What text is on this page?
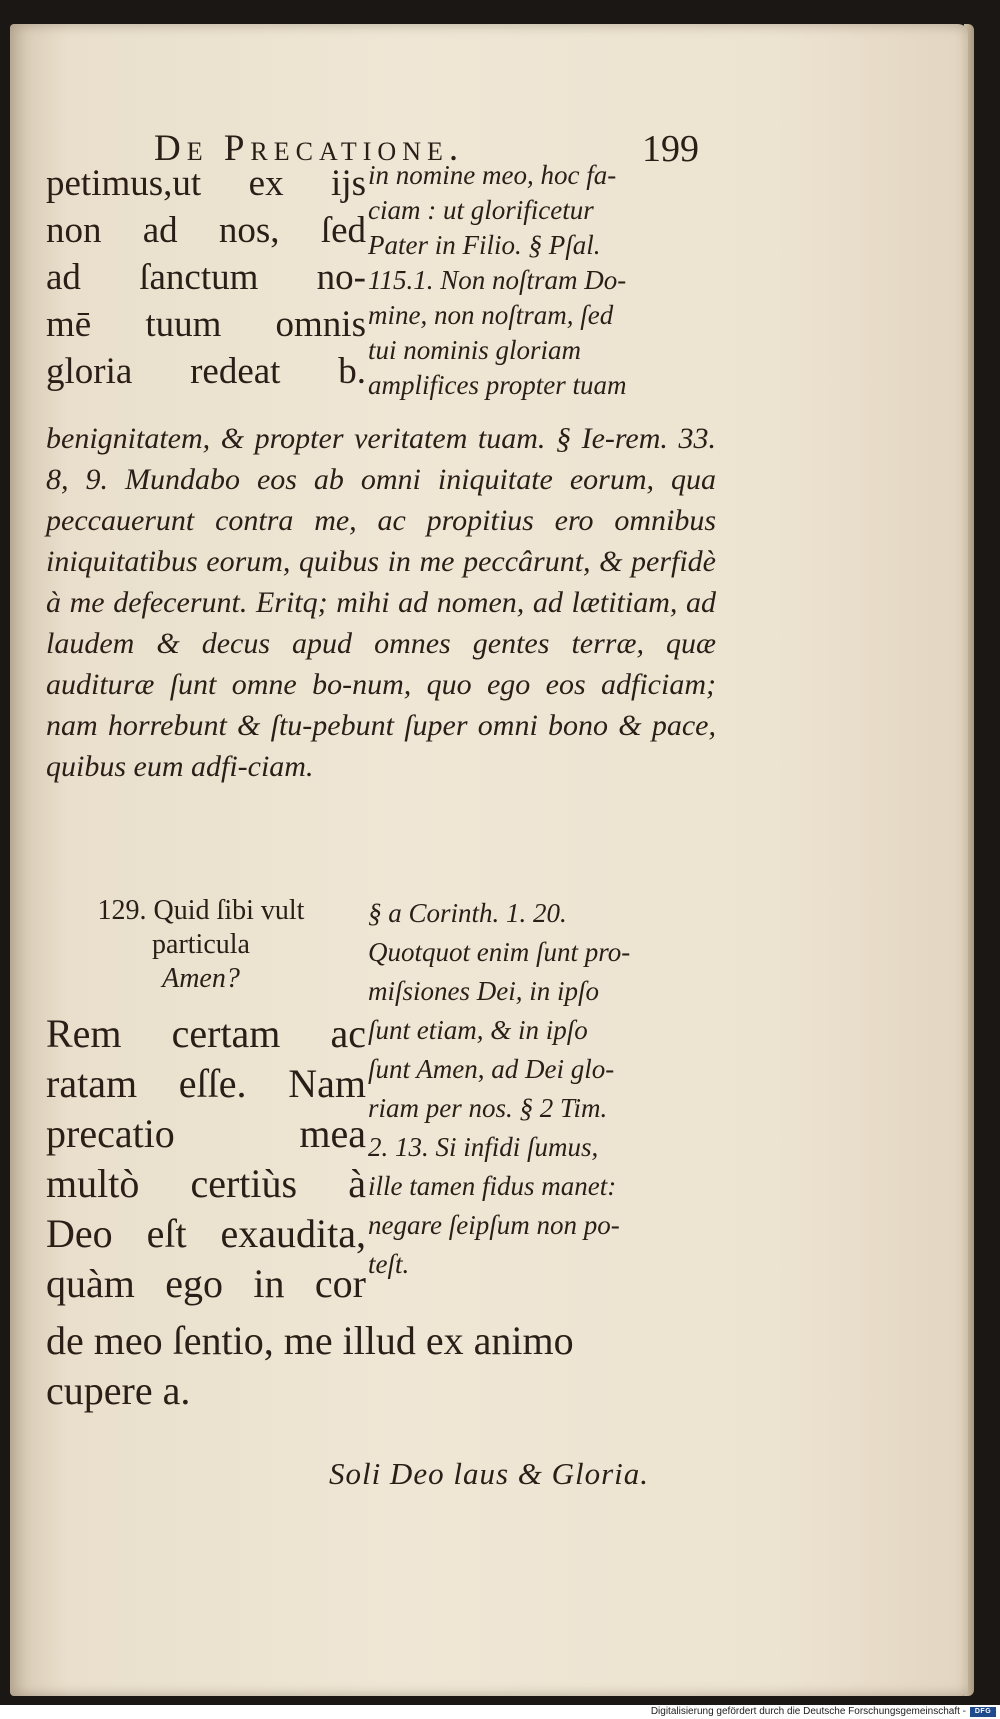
De Precatione.	199
petimus,ut ex ijs
non ad nos, ſed
ad ſanctum no-
mē tuum omnis
gloria redeat b.
in nomine meo, hoc fa-
ciam : ut glorificetur
Pater in Filio. § Pſal.
115.1. Non noſtram Do-
mine, non noſtram, ſed
tui nominis gloriam
amplifices propter tuam
benignitatem, & propter veritatem tuam. § Ie-rem. 33. 8, 9. Mundabo eos ab omni iniquitate eorum, qua peccauerunt contra me, ac propitius ero omnibus iniquitatibus eorum, quibus in me peccârunt, & perfidè à me defecerunt. Eritq; mihi ad nomen, ad lætitiam, ad laudem & decus apud omnes gentes terræ, quæ audituræ ſunt omne bo-num, quo ego eos adficiam; nam horrebunt & ſtu-pebunt ſuper omni bono & pace, quibus eum adfi-ciam.
129. Quid ſibi vult
particula
Amen?
Rem certam ac
ratam eſſe. Nam
precatio mea
multò certiùs à
Deo eſt exaudita,
quàm ego in cor
§ a Corinth. 1. 20.
Quotquot enim ſunt pro-
miſsiones Dei, in ipſo
ſunt etiam, & in ipſo
ſunt Amen, ad Dei glo-
riam per nos. § 2 Tim.
2. 13. Si infidi ſumus,
ille tamen fidus manet:
negare ſeipſum non po-
teſt.
de meo ſentio, me illud ex animo
cupere a.
Soli Deo laus & Gloria.
Digitalisierung gefördert durch die Deutsche Forschungsgemeinschaft -	DFG
